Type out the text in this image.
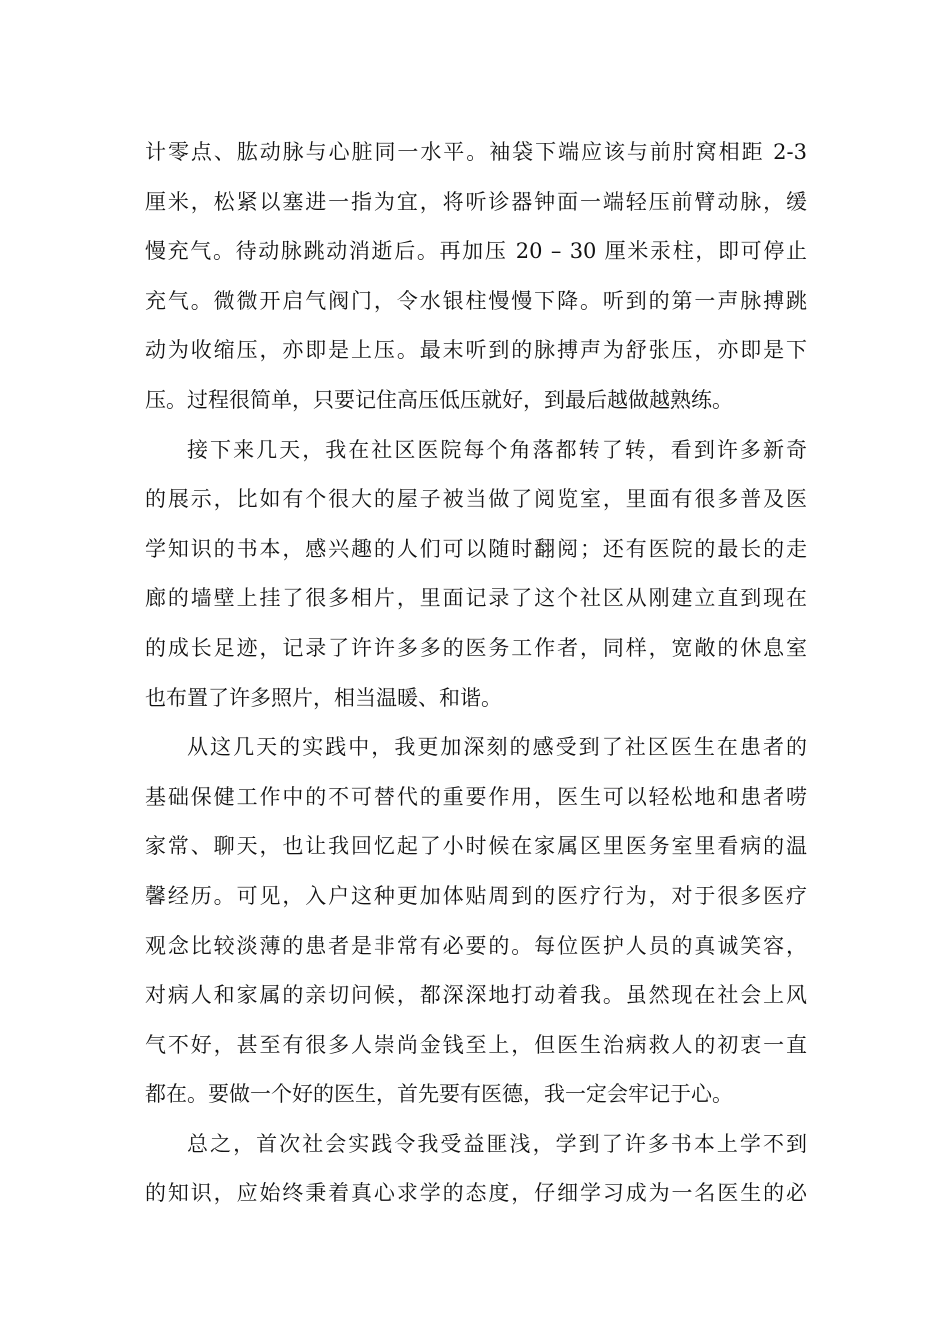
计零点、肱动脉与心脏同一水平。袖袋下端应该与前肘窝相距 2-3
厘米，松紧以塞进一指为宜，将听诊器钟面一端轻压前臂动脉，缓
慢充气。待动脉跳动消逝后。再加压 20 – 30 厘米汞柱，即可停止
充气。微微开启气阀门，令水银柱慢慢下降。听到的第一声脉搏跳
动为收缩压，亦即是上压。最末听到的脉搏声为舒张压，亦即是下
压。过程很简单，只要记住高压低压就好，到最后越做越熟练。
接下来几天，我在社区医院每个角落都转了转，看到许多新奇
的展示，比如有个很大的屋子被当做了阅览室，里面有很多普及医
学知识的书本，感兴趣的人们可以随时翻阅；还有医院的最长的走
廊的墙壁上挂了很多相片，里面记录了这个社区从刚建立直到现在
的成长足迹，记录了许许多多的医务工作者，同样，宽敞的休息室
也布置了许多照片，相当温暖、和谐。
从这几天的实践中，我更加深刻的感受到了社区医生在患者的
基础保健工作中的不可替代的重要作用，医生可以轻松地和患者唠
家常、聊天，也让我回忆起了小时候在家属区里医务室里看病的温
馨经历。可见，入户这种更加体贴周到的医疗行为，对于很多医疗
观念比较淡薄的患者是非常有必要的。每位医护人员的真诚笑容，
对病人和家属的亲切问候，都深深地打动着我。虽然现在社会上风
气不好，甚至有很多人崇尚金钱至上，但医生治病救人的初衷一直
都在。要做一个好的医生，首先要有医德，我一定会牢记于心。
总之，首次社会实践令我受益匪浅，学到了许多书本上学不到
的知识，应始终秉着真心求学的态度，仔细学习成为一名医生的必
